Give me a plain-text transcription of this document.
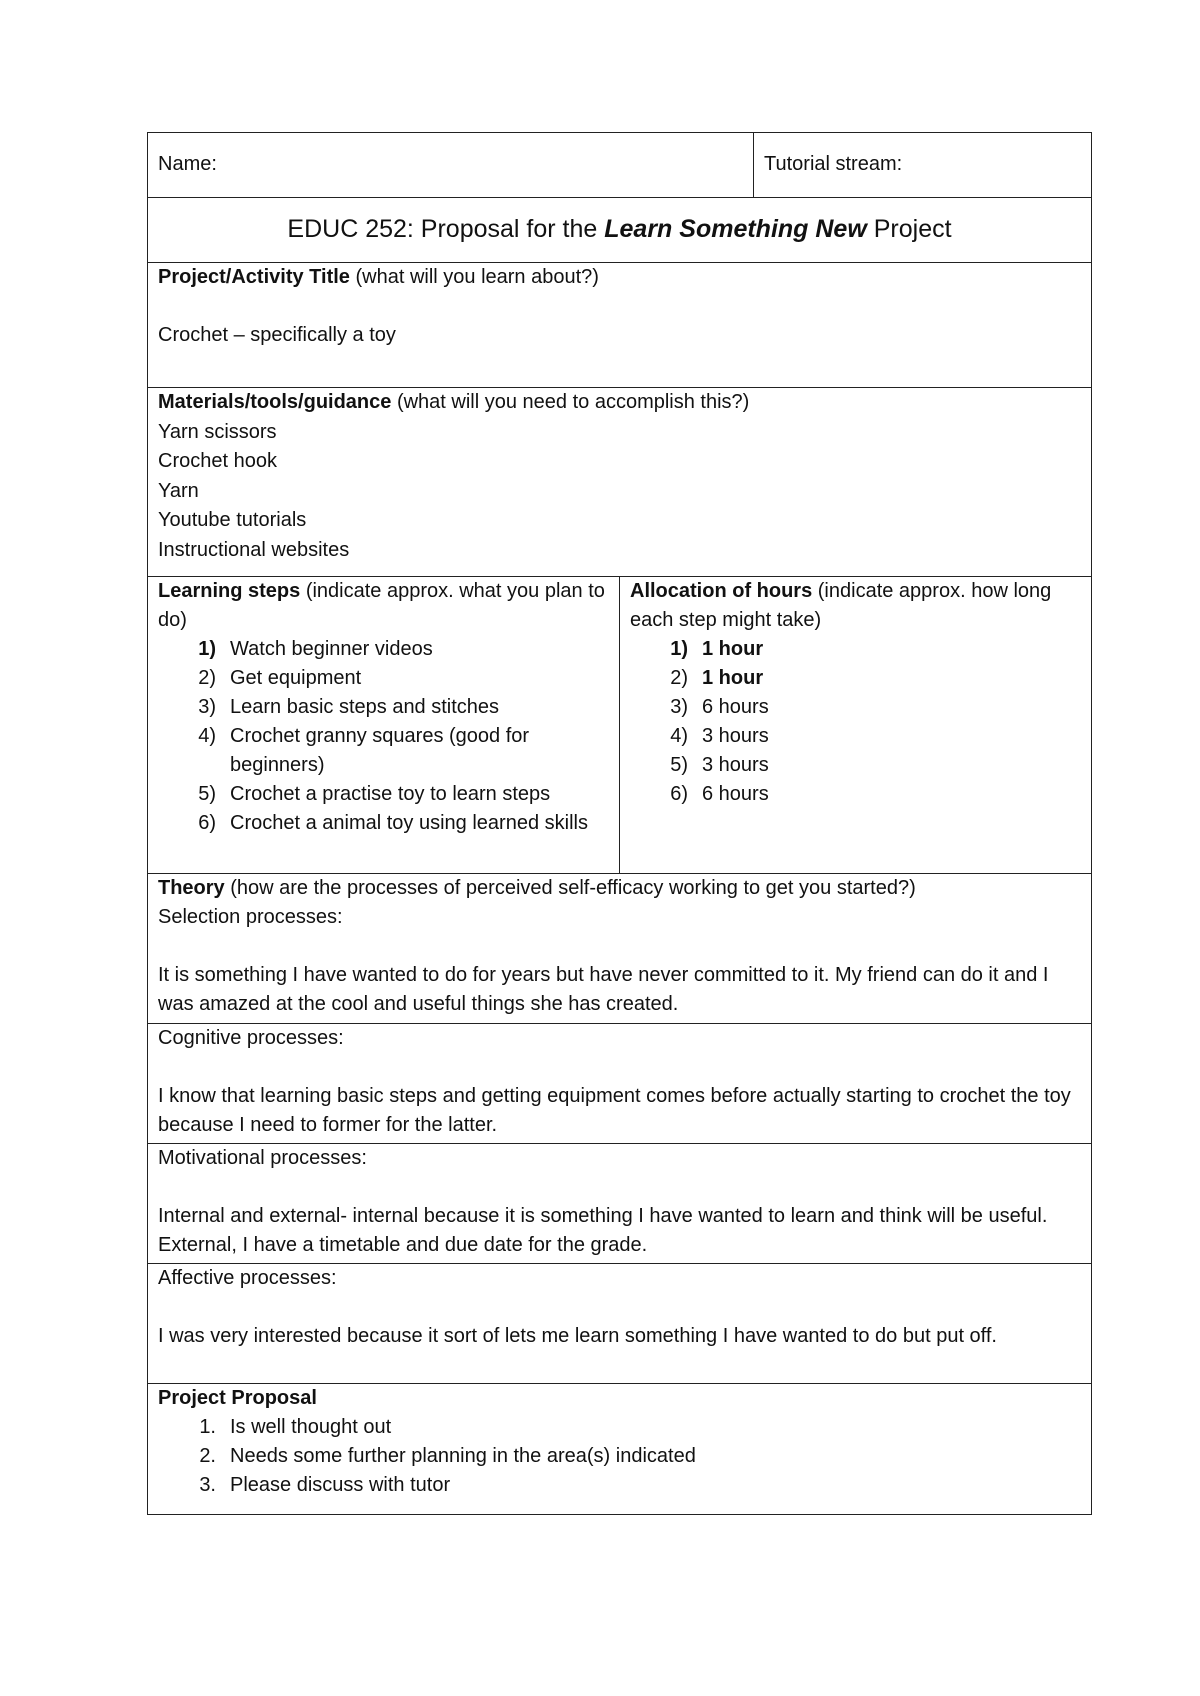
Name:	Tutorial stream:
EDUC 252: Proposal for the Learn Something New Project
Project/Activity Title (what will you learn about?)
Crochet – specifically a toy
Materials/tools/guidance (what will you need to accomplish this?)
Yarn scissors
Crochet hook
Yarn
Youtube tutorials
Instructional websites
Learning steps (indicate approx. what you plan to do)
1) Watch beginner videos
2) Get equipment
3) Learn basic steps and stitches
4) Crochet granny squares (good for beginners)
5) Crochet a practise toy to learn steps
6) Crochet a animal toy using learned skills
Allocation of hours (indicate approx. how long each step might take)
1) 1 hour
2) 1 hour
3) 6 hours
4) 3 hours
5) 3 hours
6) 6 hours
Theory (how are the processes of perceived self-efficacy working to get you started?)
Selection processes:
It is something I have wanted to do for years but have never committed to it. My friend can do it and I was amazed at the cool and useful things she has created.
Cognitive processes:
I know that learning basic steps and getting equipment comes before actually starting to crochet the toy because I need to former for the latter.
Motivational processes:
Internal and external- internal because it is something I have wanted to learn and think will be useful. External, I have a timetable and due date for the grade.
Affective processes:
I was very interested because it sort of lets me learn something I have wanted to do but put off.
Project Proposal
1. Is well thought out
2. Needs some further planning in the area(s) indicated
3. Please discuss with tutor
